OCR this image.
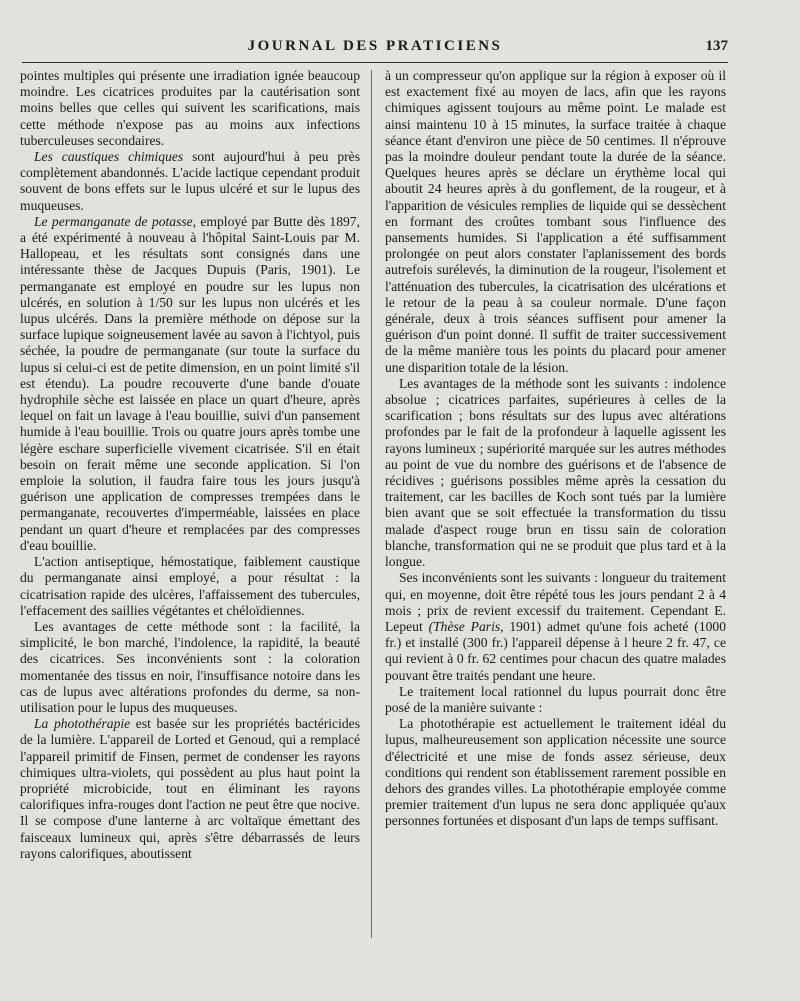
JOURNAL DES PRATICIENS	137

pointes multiples qui présente une irradiation ignée beaucoup moindre. Les cicatrices produites par la cautérisation sont moins belles que celles qui suivent les scarifications, mais cette méthode n'expose pas au moins aux infections tuberculeuses secondaires.

Les caustiques chimiques sont aujourd'hui à peu près complètement abandonnés. L'acide lactique cependant produit souvent de bons effets sur le lupus ulcéré et sur le lupus des muqueuses.

Le permanganate de potasse, employé par Butte dès 1897, a été expérimenté à nouveau à l'hôpital Saint-Louis par M. Hallopeau, et les résultats sont consignés dans une intéressante thèse de Jacques Dupuis (Paris, 1901). Le permanganate est employé en poudre sur les lupus non ulcérés, en solution à 1/50 sur les lupus non ulcérés et les lupus ulcérés. Dans la première méthode on dépose sur la surface lupique soigneusement lavée au savon à l'ichtyol, puis séchée, la poudre de permanganate (sur toute la surface du lupus si celui-ci est de petite dimension, en un point limité s'il est étendu). La poudre recouverte d'une bande d'ouate hydrophile sèche est laissée en place un quart d'heure, après lequel on fait un lavage à l'eau bouillie, suivi d'un pansement humide à l'eau bouillie. Trois ou quatre jours après tombe une légère eschare superficielle vivement cicatrisée. S'il en était besoin on ferait même une seconde application. Si l'on emploie la solution, il faudra faire tous les jours jusqu'à guérison une application de compresses trempées dans le permanganate, recouvertes d'imperméable, laissées en place pendant un quart d'heure et remplacées par des compresses d'eau bouillie.

L'action antiseptique, hémostatique, faiblement caustique du permanganate ainsi employé, a pour résultat : la cicatrisation rapide des ulcères, l'affaissement des tubercules, l'effacement des saillies végétantes et chéloïdiennes.

Les avantages de cette méthode sont : la facilité, la simplicité, le bon marché, l'indolence, la rapidité, la beauté des cicatrices. Ses inconvénients sont : la coloration momentanée des tissus en noir, l'insuffisance notoire dans les cas de lupus avec altérations profondes du derme, sa non-utilisation pour le lupus des muqueuses.

La photothérapie est basée sur les propriétés bactéricides de la lumière. L'appareil de Lorted et Genoud, qui a remplacé l'appareil primitif de Finsen, permet de condenser les rayons chimiques ultra-violets, qui possèdent au plus haut point la propriété microbicide, tout en éliminant les rayons calorifiques infra-rouges dont l'action ne peut être que nocive. Il se compose d'une lanterne à arc voltaïque émettant des faisceaux lumineux qui, après s'être débarrassés de leurs rayons calorifiques, aboutissent

à un compresseur qu'on applique sur la région à exposer où il est exactement fixé au moyen de lacs, afin que les rayons chimiques agissent toujours au même point. Le malade est ainsi maintenu 10 à 15 minutes, la surface traitée à chaque séance étant d'environ une pièce de 50 centimes. Il n'éprouve pas la moindre douleur pendant toute la durée de la séance. Quelques heures après se déclare un érythème local qui aboutit 24 heures après à du gonflement, de la rougeur, et à l'apparition de vésicules remplies de liquide qui se dessèchent en formant des croûtes tombant sous l'influence des pansements humides. Si l'application a été suffisamment prolongée on peut alors constater l'aplanissement des bords autrefois surélevés, la diminution de la rougeur, l'isolement et l'atténuation des tubercules, la cicatrisation des ulcérations et le retour de la peau à sa couleur normale. D'une façon générale, deux à trois séances suffisent pour amener la guérison d'un point donné. Il suffit de traiter successivement de la même manière tous les points du placard pour amener une disparition totale de la lésion.

Les avantages de la méthode sont les suivants : indolence absolue ; cicatrices parfaites, supérieures à celles de la scarification ; bons résultats sur des lupus avec altérations profondes par le fait de la profondeur à laquelle agissent les rayons lumineux ; supériorité marquée sur les autres méthodes au point de vue du nombre des guérisons et de l'absence de récidives ; guérisons possibles même après la cessation du traitement, car les bacilles de Koch sont tués par la lumière bien avant que se soit effectuée la transformation du tissu malade d'aspect rouge brun en tissu sain de coloration blanche, transformation qui ne se produit que plus tard et à la longue.

Ses inconvénients sont les suivants : longueur du traitement qui, en moyenne, doit être répété tous les jours pendant 2 à 4 mois ; prix de revient excessif du traitement. Cependant E. Lepeut (Thèse Paris, 1901) admet qu'une fois acheté (1000 fr.) et installé (300 fr.) l'appareil dépense à l heure 2 fr. 47, ce qui revient à 0 fr. 62 centimes pour chacun des quatre malades pouvant être traités pendant une heure.

Le traitement local rationnel du lupus pourrait donc être posé de la manière suivante :

La photothérapie est actuellement le traitement idéal du lupus, malheureusement son application nécessite une source d'électricité et une mise de fonds assez sérieuse, deux conditions qui rendent son établissement rarement possible en dehors des grandes villes. La photothérapie employée comme premier traitement d'un lupus ne sera donc appliquée qu'aux personnes fortunées et disposant d'un laps de temps suffisant.
